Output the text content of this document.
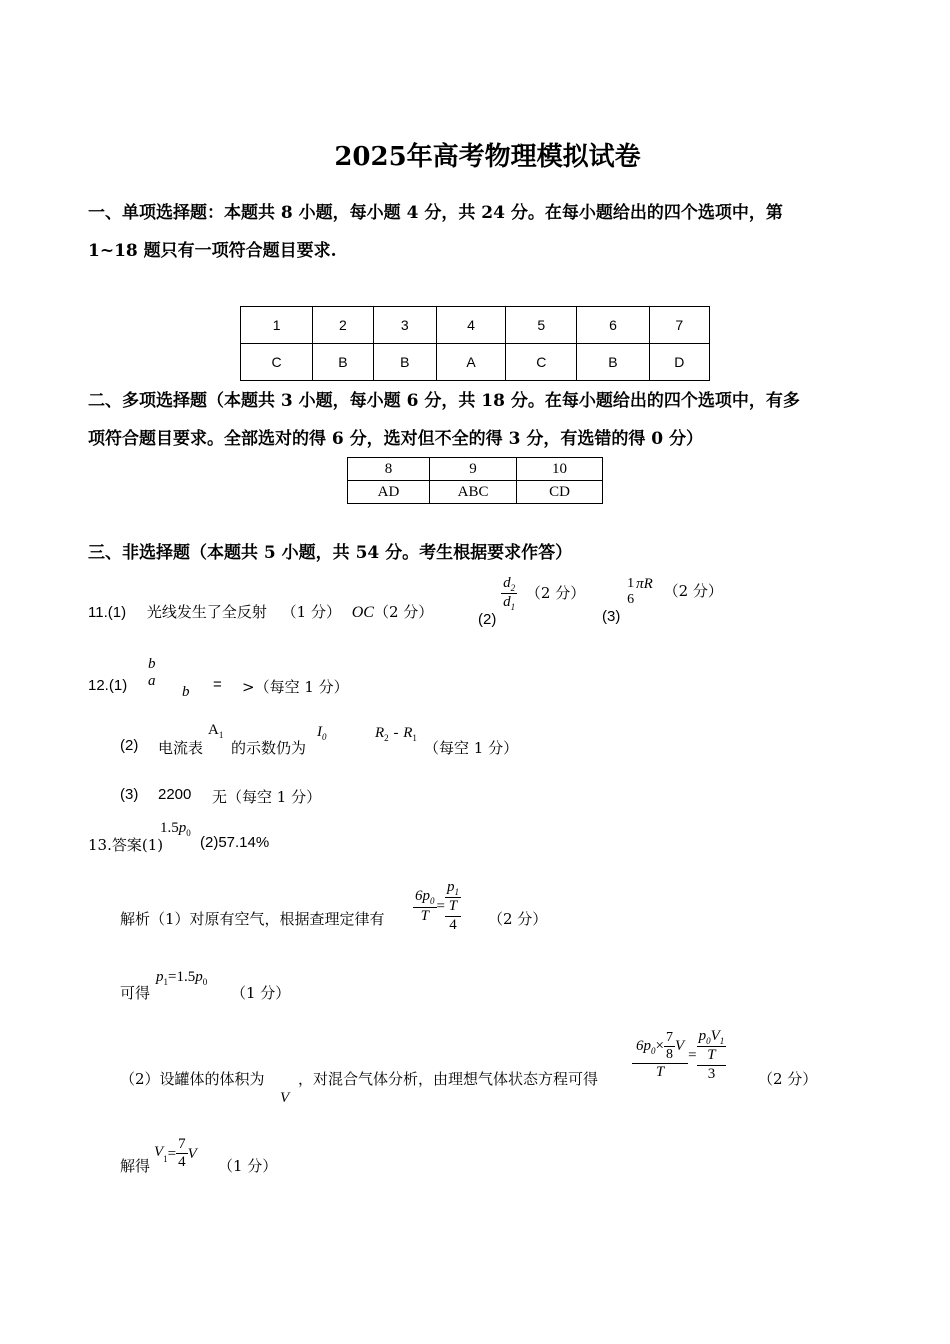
2025年高考物理模拟试卷
一、单项选择题：本题共 8 小题，每小题 4 分，共 24 分。在每小题给出的四个选项中，第
1~18 题只有一项符合题目要求.
1	2	3	4	5	6	7
C	B	B	A	C	B	D
二、多项选择题（本题共 3 小题，每小题 6 分，共 18 分。在每小题给出的四个选项中，有多
项符合题目要求。全部选对的得 6 分，选对但不全的得 3 分，有选错的得 0 分）
8	9	10
AD	ABC	CD
三、非选择题（本题共 5 小题，共 54 分。考生根据要求作答）
11.(1) 光线发生了全反射 （1 分） OC（2 分）	(2)
$\frac{d_2}{d_1} (2$ 分）
(3)
1
6
πR （2 分）
12.(1)
b
a
b = >（每空 1 分）
(2) 电流表
$A_1$
的示数仍为
$I_0$	$R_2 - R_1$
（每空 1 分）
(3) 2200 无（每空 1 分）
13.答案(1)
$1.5p_0$
(2)57.14%
解析（1）对原有空气，根据查理定律有 $\frac{6p_0}{T}$ =
$p_1$
T
4 （2 分）
可得
$p_1=1.5p_0$
（1 分）
（2）设罐体的体积为
V
，对混合气体分析，由理想气体状态方程可得 $\frac{6p_0\times \frac{7}{8} V}{T}$ =
$p_0V_1$
T
3	（2 分）
解得
$V_1= \frac{7}{4}$ V
（1 分）
